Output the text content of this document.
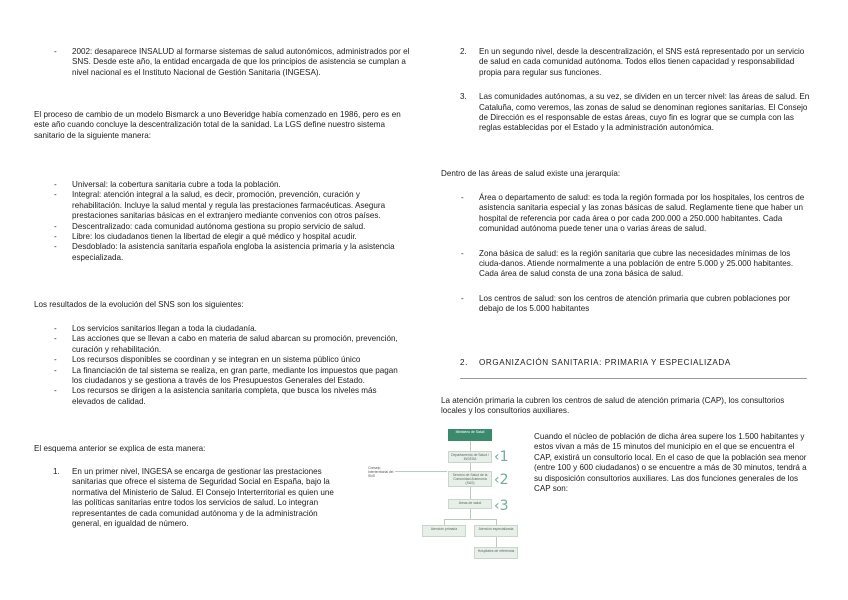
- 2002: desaparece INSALUD al formarse sistemas de salud autonómicos, administrados por el SNS. Desde este año, la entidad encargada de que los principios de asistencia se cumplan a nivel nacional es el Instituto Nacional de Gestión Sanitaria (INGESA).

El proceso de cambio de un modelo Bismarck a uno Beveridge había comenzado en 1986, pero es en este año cuando concluye la descentralización total de la sanidad. La LGS define nuestro sistema sanitario de la siguiente manera:

- Universal: la cobertura sanitaria cubre a toda la población.
- Integral: atención integral a la salud, es decir, promoción, prevención, curación y rehabilitación. Incluye la salud mental y regula las prestaciones farmacéuticas. Asegura prestaciones sanitarias básicas en el extranjero mediante convenios con otros países.
- Descentralizado: cada comunidad autónoma gestiona su propio servicio de salud.
- Libre: los ciudadanos tienen la libertad de elegir a qué médico y hospital acudir.
- Desdoblado: la asistencia sanitaria española engloba la asistencia primaria y la asistencia especializada.

Los resultados de la evolución del SNS son los siguientes:

- Los servicios sanitarios llegan a toda la ciudadanía.
- Las acciones que se llevan a cabo en materia de salud abarcan su promoción, prevención, curación y rehabilitación.
- Los recursos disponibles se coordinan y se integran en un sistema público único
- La financiación de tal sistema se realiza, en gran parte, mediante los impuestos que pagan los ciudadanos y se gestiona a través de los Presupuestos Generales del Estado.
- Los recursos se dirigen a la asistencia sanitaria completa, que busca los niveles más elevados de calidad.

El esquema anterior se explica de esta manera:

1. En un primer nivel, INGESA se encarga de gestionar las prestaciones sanitarias que ofrece el sistema de Seguridad Social en España, bajo la normativa del Ministerio de Salud. El Consejo Interterritorial es quien une las políticas sanitarias entre todos los servicios de salud. Lo integran representantes de cada comunidad autónoma y de la administración general, en igualdad de número.
Consejo Interterritorial del SNS
Ministerio de Salud
Departamento de Salud / INGESA
Servicio de Salud de la Comunidad Autónoma (SAS)
Áreas de salud
Atención primaria	Atención especializada
Hospitales de referencia
‹1
‹2
‹3
2. En un segundo nivel, desde la descentralización, el SNS está representado por un servicio de salud en cada comunidad autónoma. Todos ellos tienen capacidad y responsabilidad propia para regular sus funciones.
3. Las comunidades autónomas, a su vez, se dividen en un tercer nivel: las áreas de salud. En Cataluña, como veremos, las zonas de salud se denominan regiones sanitarias. El Consejo de Dirección es el responsable de estas áreas, cuyo fin es lograr que se cumpla con las reglas establecidas por el Estado y la administración autonómica.

Dentro de las áreas de salud existe una jerarquía:

- Área o departamento de salud: es toda la región formada por los hospitales, los centros de asistencia sanitaria especial y las zonas básicas de salud. Reglamente tiene que haber un hospital de referencia por cada área o por cada 200.000 a 250.000 habitantes. Cada comunidad autónoma puede tener una o varias áreas de salud.
- Zona básica de salud: es la región sanitaria que cubre las necesidades mínimas de los ciuda-danos. Atiende normalmente a una población de entre 5.000 y 25.000 habitantes. Cada área de salud consta de una zona básica de salud.
- Los centros de salud: son los centros de atención primaria que cubren poblaciones por debajo de los 5.000 habitantes
2. ORGANIZACIÓN SANITARIA: PRIMARIA Y ESPECIALIZADA

La atención primaria la cubren los centros de salud de atención primaria (CAP), los consultorios locales y los consultorios auxiliares.

Cuando el núcleo de población de dicha área supere los 1.500 habitantes y estos vivan a más de 15 minutos del municipio en el que se encuentra el CAP, existirá un consultorio local. En el caso de que la población sea menor (entre 100 y 600 ciudadanos) o se encuentre a más de 30 minutos, tendrá a su disposición consultorios auxiliares. Las dos funciones generales de los CAP son:
